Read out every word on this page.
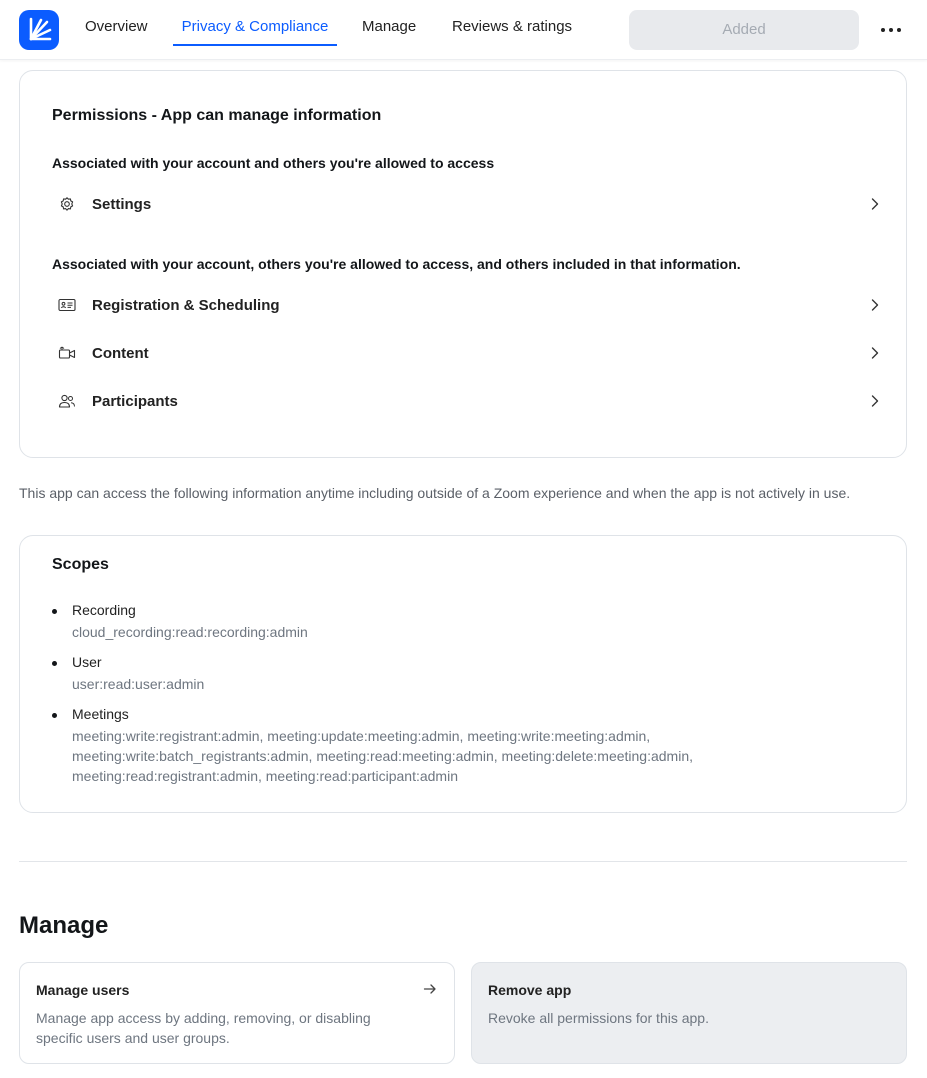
Overview	Privacy & Compliance	Manage Reviews & ratings	Added
Permissions - App can manage information
Associated with your account and others you're allowed to access
Settings
Associated with your account, others you're allowed to access, and others included in that information.
Registration & Scheduling
Content
Participants
This app can access the following information anytime including outside of a Zoom experience and when the app is not actively in use.
Scopes
Recording
cloud_recording:read:recording:admin
User
user:read:user:admin
Meetings
meeting:write:registrant:admin, meeting:update:meeting:admin, meeting:write:meeting:admin,
meeting:write:batch_registrants:admin, meeting:read:meeting:admin, meeting:delete:meeting:admin,
meeting:read:registrant:admin, meeting:read:participant:admin
Manage
Manage users
Manage app access by adding, removing, or disabling
specific users and user groups.
Remove app
Revoke all permissions for this app.
